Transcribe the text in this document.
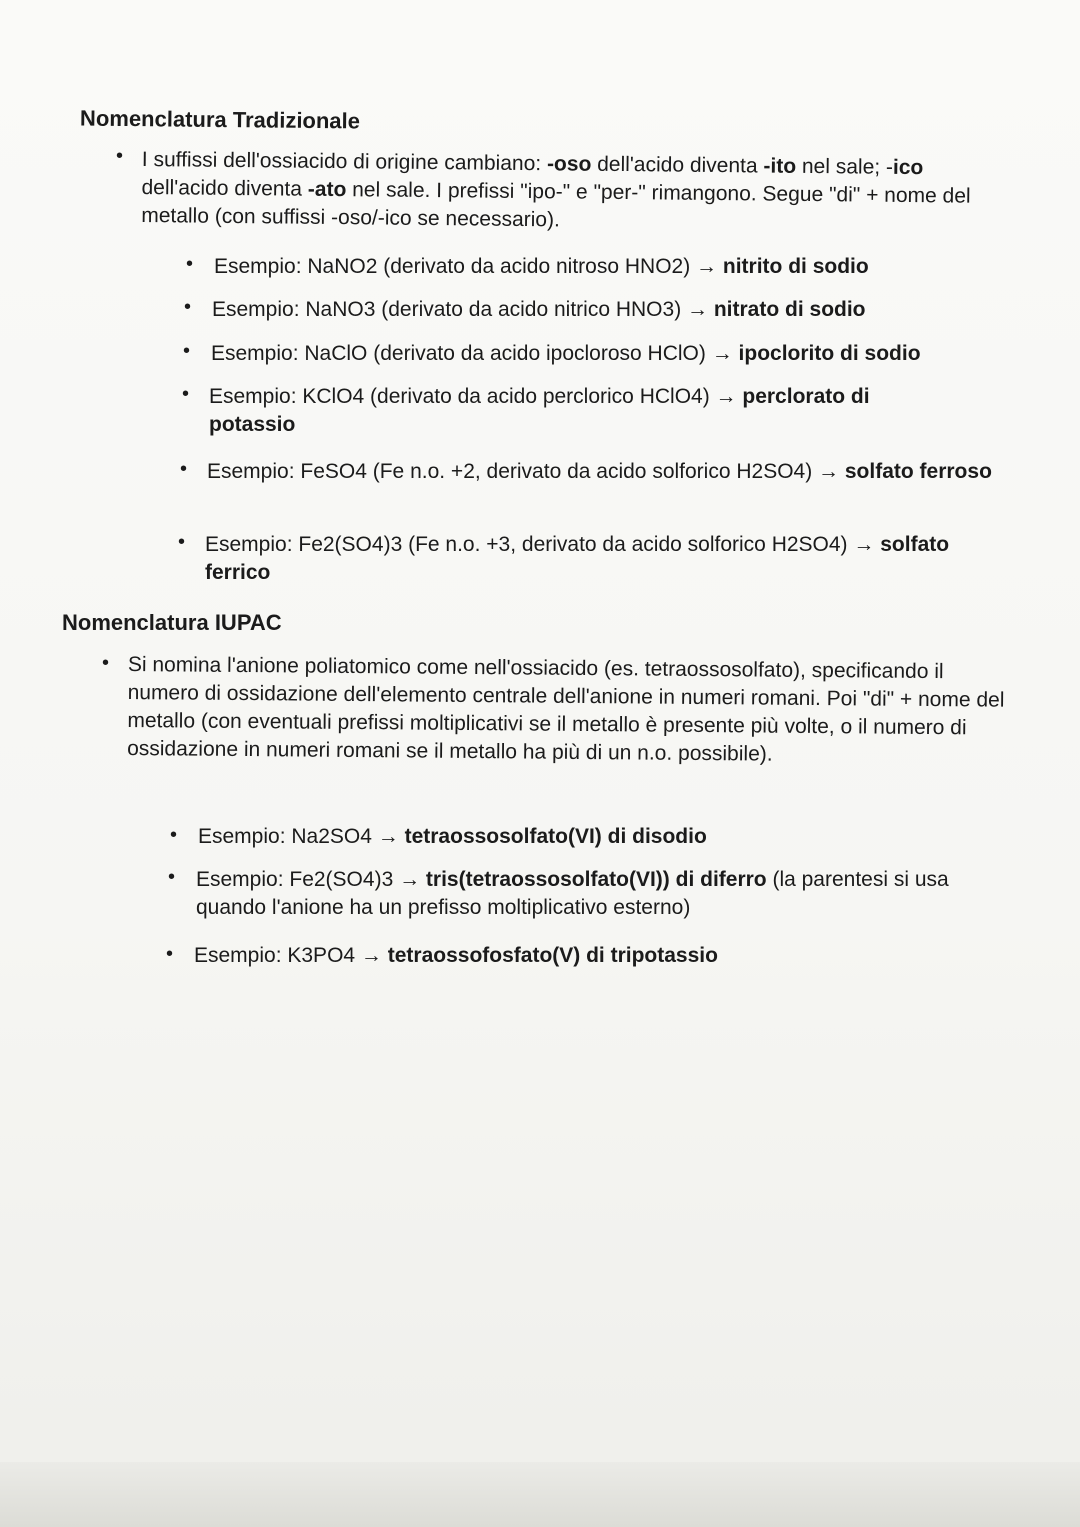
Nomenclatura Tradizionale
• I suffissi dell'ossiacido di origine cambiano: -oso dell'acido diventa -ito nel sale; -ico dell'acido diventa -ato nel sale. I prefissi "ipo-" e "per-" rimangono. Segue "di" + nome del metallo (con suffissi -oso/-ico se necessario).
• Esempio: NaNO2 (derivato da acido nitroso HNO2) → nitrito di sodio
• Esempio: NaNO3 (derivato da acido nitrico HNO3) → nitrato di sodio
• Esempio: NaClO (derivato da acido ipocloroso HClO) → ipoclorito di sodio
• Esempio: KClO4 (derivato da acido perclorico HClO4) → perclorato di potassio
• Esempio: FeSO4 (Fe n.o. +2, derivato da acido solforico H2SO4) → solfato ferroso
• Esempio: Fe2(SO4)3 (Fe n.o. +3, derivato da acido solforico H2SO4) → solfato ferrico
Nomenclatura IUPAC
• Si nomina l'anione poliatomico come nell'ossiacido (es. tetraossosolfato), specificando il numero di ossidazione dell'elemento centrale dell'anione in numeri romani. Poi "di" + nome del metallo (con eventuali prefissi moltiplicativi se il metallo è presente più volte, o il numero di ossidazione in numeri romani se il metallo ha più di un n.o. possibile).
• Esempio: Na2SO4 → tetraossosolfato(VI) di disodio
• Esempio: Fe2(SO4)3 → tris(tetraossosolfato(VI)) di diferro (la parentesi si usa quando l'anione ha un prefisso moltiplicativo esterno)
• Esempio: K3PO4 → tetraossofosfato(V) di tripotassio
